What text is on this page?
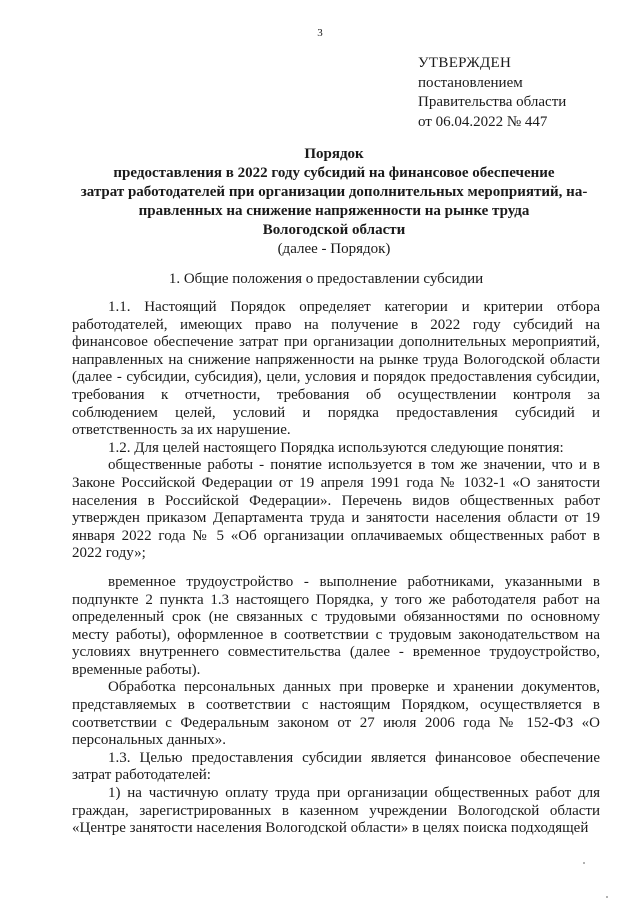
3
УТВЕРЖДЕН
постановлением
Правительства области
от 06.04.2022 № 447
Порядок
предоставления в 2022 году субсидий на финансовое обеспечение
затрат работодателей при организации дополнительных мероприятий, на-
правленных на снижение напряженности на рынке труда
Вологодской области
(далее - Порядок)
1. Общие положения о предоставлении субсидии

1.1. Настоящий Порядок определяет категории и критерии отбора работодателей, имеющих право на получение в 2022 году субсидий на финансовое обеспечение затрат при организации дополнительных мероприятий, направленных на снижение напряженности на рынке труда Вологодской области (далее - субсидии, субсидия), цели, условия и порядок предоставления субсидии, требования к отчетности, требования об осуществлении контроля за соблюдением целей, условий и порядка предоставления субсидий и ответственность за их нарушение.

1.2. Для целей настоящего Порядка используются следующие понятия:

общественные работы - понятие используется в том же значении, что и в Законе Российской Федерации от 19 апреля 1991 года № 1032-1 «О занятости населения в Российской Федерации». Перечень видов общественных работ утвержден приказом Департамента труда и занятости населения области от 19 января 2022 года № 5 «Об организации оплачиваемых общественных работ в 2022 году»;

временное трудоустройство - выполнение работниками, указанными в подпункте 2 пункта 1.3 настоящего Порядка, у того же работодателя работ на определенный срок (не связанных с трудовыми обязанностями по основному месту работы), оформленное в соответствии с трудовым законодательством на условиях внутреннего совместительства (далее - временное трудоустройство, временные работы).

Обработка персональных данных при проверке и хранении документов, представляемых в соответствии с настоящим Порядком, осуществляется в соответствии с Федеральным законом от 27 июля 2006 года № 152-ФЗ «О персональных данных».

1.3. Целью предоставления субсидии является финансовое обеспечение затрат работодателей:

1) на частичную оплату труда при организации общественных работ для граждан, зарегистрированных в казенном учреждении Вологодской области «Центре занятости населения Вологодской области» в целях поиска подходящей
